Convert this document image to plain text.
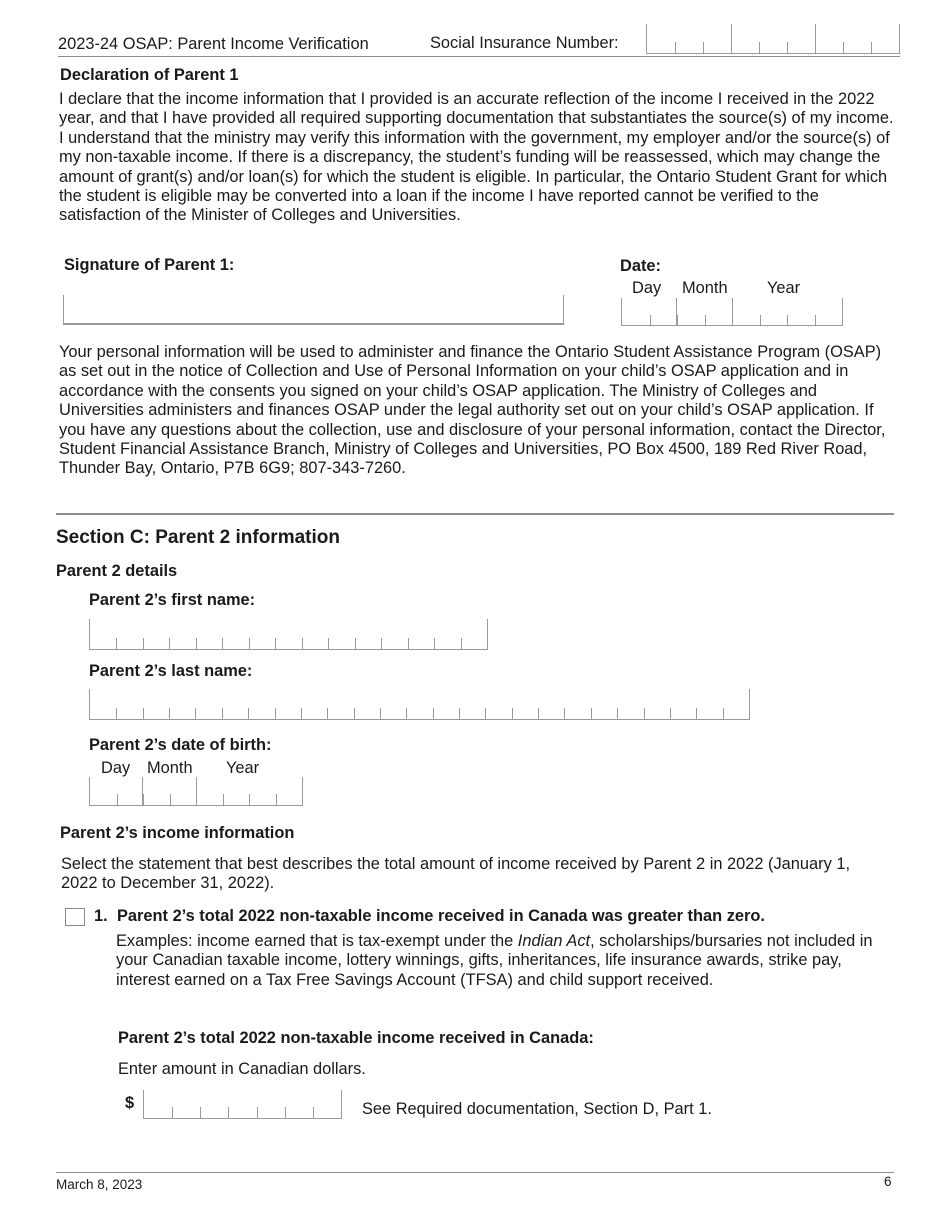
2023-24 OSAP: Parent Income Verification	Social Insurance Number:
Declaration of Parent 1

I declare that the income information that I provided is an accurate reflection of the income I received in the 2022 year, and that I have provided all required supporting documentation that substantiates the source(s) of my income. I understand that the ministry may verify this information with the government, my employer and/or the source(s) of my non-taxable income. If there is a discrepancy, the student’s funding will be reassessed, which may change the amount of grant(s) and/or loan(s) for which the student is eligible. In particular, the Ontario Student Grant for which the student is eligible may be converted into a loan if the income I have reported cannot be verified to the satisfaction of the Minister of Colleges and Universities.

Signature of Parent 1:	Date:
Day Month Year

Your personal information will be used to administer and finance the Ontario Student Assistance Program (OSAP) as set out in the notice of Collection and Use of Personal Information on your child’s OSAP application and in accordance with the consents you signed on your child’s OSAP application. The Ministry of Colleges and Universities administers and finances OSAP under the legal authority set out on your child’s OSAP application. If you have any questions about the collection, use and disclosure of your personal information, contact the Director, Student Financial Assistance Branch, Ministry of Colleges and Universities, PO Box 4500, 189 Red River Road, Thunder Bay, Ontario, P7B 6G9; 807-343-7260.

Section C: Parent 2 information
Parent 2 details
Parent 2’s first name:
Parent 2’s last name:
Parent 2’s date of birth:
Day Month Year
Parent 2’s income information

Select the statement that best describes the total amount of income received by Parent 2 in 2022 (January 1, 2022 to December 31, 2022).

1. Parent 2’s total 2022 non-taxable income received in Canada was greater than zero.

Examples: income earned that is tax-exempt under the Indian Act, scholarships/bursaries not included in your Canadian taxable income, lottery winnings, gifts, inheritances, life insurance awards, strike pay, interest earned on a Tax Free Savings Account (TFSA) and child support received.

Parent 2’s total 2022 non-taxable income received in Canada:
Enter amount in Canadian dollars.
$	See Required documentation, Section D, Part 1.
March 8, 2023	6
